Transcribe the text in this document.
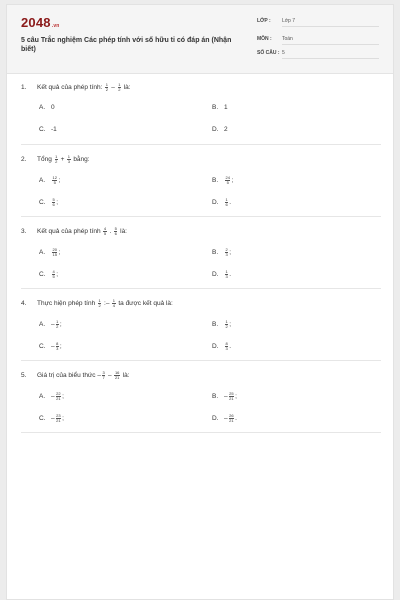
2048.vn
5 câu Trắc nghiệm Các phép tính với số hữu tỉ có đáp án (Nhận biết)
LỚP : Lớp 7
MÔN : Toán
SỐ CÂU : 5
1. Kết quả của phép tính: $\frac{1}{2} - \frac{1}{2}$ là:
A. 0	B. 1
C. -1	D. 2
2. Tổng $\frac{1}{2} + \frac{1}{3}$ bằng:
A. $\frac{12}{5}$ ;	B. $\frac{24}{5}$ ;
C. $\frac{5}{6}$ ;	D. $\frac{1}{6}$ .
3. Kết quả của phép tính $\frac{4}{5}$ . $\frac{5}{6}$ là:
A. $\frac{20}{15}$ ;	B. $\frac{2}{3}$ ;
C. $\frac{4}{5}$ ;	D. $\frac{1}{3}$ .
4. Thực hiện phép tính $\frac{1}{2}$ :– $\frac{1}{4}$ ta được kết quả là:
A. – $\frac{1}{2}$ ;	B. $\frac{1}{2}$ ;
C. – $\frac{8}{3}$ ;	D. $\frac{8}{3}$ .
5. Giá trị của biểu thức – $\frac{3}{7} - \frac{16}{21}$ là:
A. – $\frac{22}{21}$ ;	B. – $\frac{25}{21}$ ;
C. – $\frac{23}{21}$ ;	D. – $\frac{26}{21}$ .
